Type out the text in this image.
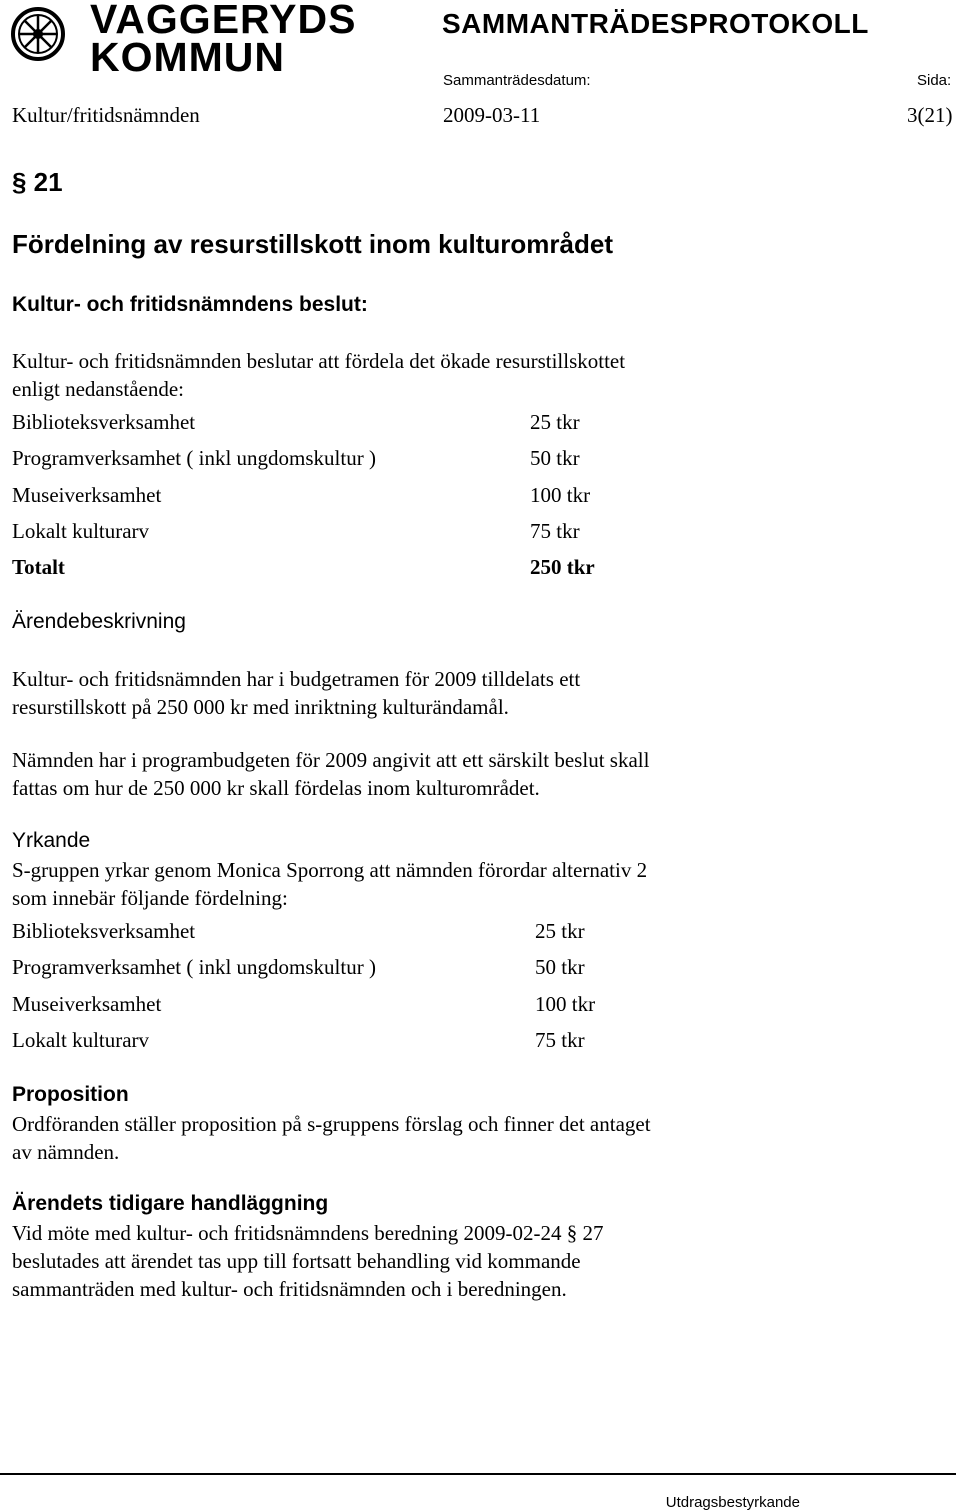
VAGGERYDS
KOMMUN
SAMMANTRÄDESPROTOKOLL
Sammanträdesdatum:	Sida:
Kultur/fritidsnämnden	2009-03-11	3(21)
§ 21
Fördelning av resurstillskott inom kulturområdet
Kultur- och fritidsnämndens beslut:
Kultur- och fritidsnämnden beslutar att fördela det ökade resurstillskottet
enligt nedanstående:
Biblioteksverksamhet	25 tkr
Programverksamhet ( inkl ungdomskultur )	50 tkr
Museiverksamhet	100 tkr
Lokalt kulturarv	75 tkr
Totalt	250 tkr
Ärendebeskrivning
Kultur- och fritidsnämnden har i budgetramen för 2009 tilldelats ett
resurstillskott på 250 000 kr med inriktning kulturändamål.
Nämnden har i programbudgeten för 2009 angivit att ett särskilt beslut skall
fattas om hur de 250 000 kr skall fördelas inom kulturområdet.
Yrkande
S-gruppen yrkar genom Monica Sporrong att nämnden förordar alternativ 2
som innebär följande fördelning:
Biblioteksverksamhet	25 tkr
Programverksamhet ( inkl ungdomskultur )	50 tkr
Museiverksamhet	100 tkr
Lokalt kulturarv	75 tkr
Proposition
Ordföranden ställer proposition på s-gruppens förslag och finner det antaget
av nämnden.
Ärendets tidigare handläggning
Vid möte med kultur- och fritidsnämndens beredning 2009-02-24 § 27
beslutades att ärendet tas upp till fortsatt behandling vid kommande
sammanträden med kultur- och fritidsnämnden och i beredningen.
Utdragsbestyrkande
